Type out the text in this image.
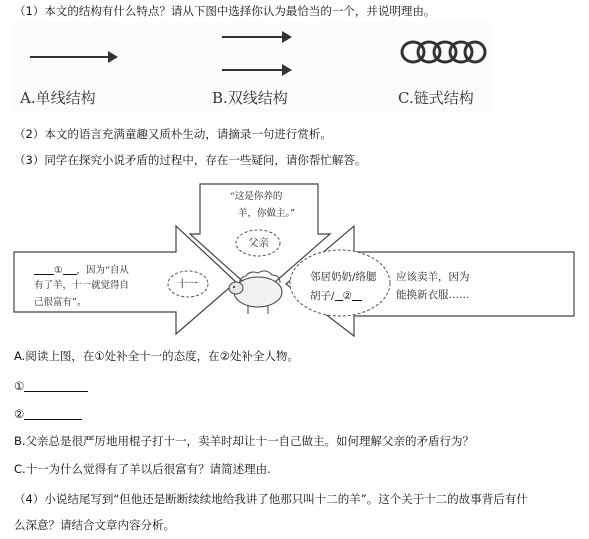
（1）本文的结构有什么特点？请从下图中选择你认为最恰当的一个，并说明理由。
A.单线结构	B.双线结构	C.链式结构
（2）本文的语言充满童趣又质朴生动，请摘录一句进行赏析。
（3）同学在探究小说矛盾的过程中，存在一些疑问，请你帮忙解答。
“这是你养的
羊，你做主。”
父亲
① ，因为“自从
有了羊，十一就觉得自
己很富有”。
十一
邻居奶奶/络腮
胡子/ ②
应该卖羊，因为
能换新衣服……
A.阅读上图，在①处补全十一的态度，在②处补全人物。
①
②
B.父亲总是很严厉地用棍子打十一，卖羊时却让十一自己做主。如何理解父亲的矛盾行为？
C.十一为什么觉得有了羊以后很富有？请简述理由.
（4）小说结尾写到“但他还是断断续续地给我讲了他那只叫十二的羊”。这个关于十二的故事背后有什
么深意？请结合文章内容分析。
